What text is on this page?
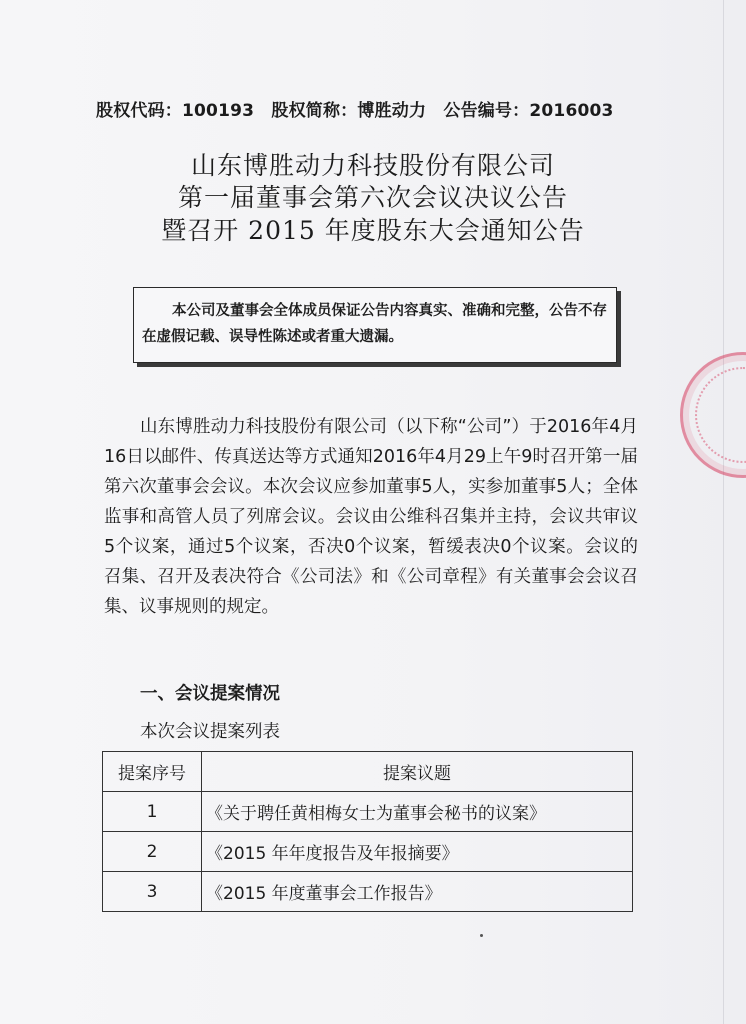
股权代码：100193　股权简称：博胜动力　公告编号：2016003
山东博胜动力科技股份有限公司
第一届董事会第六次会议决议公告
暨召开 2015 年度股东大会通知公告
本公司及董事会全体成员保证公告内容真实、准确和完整，公告不存在虚假记载、误导性陈述或者重大遗漏。
山东博胜动力科技股份有限公司（以下称“公司”）于2016年4月16日以邮件、传真送达等方式通知2016年4月29上午9时召开第一届第六次董事会会议。本次会议应参加董事5人，实参加董事5人；全体监事和高管人员了列席会议。会议由公维科召集并主持，会议共审议5个议案，通过5个议案，否决0个议案，暂缓表决0个议案。会议的召集、召开及表决符合《公司法》和《公司章程》有关董事会会议召集、议事规则的规定。
一、会议提案情况
本次会议提案列表
提案序号	提案议题
1	《关于聘任黄相梅女士为董事会秘书的议案》
2	《2015 年年度报告及年报摘要》
3	《2015 年度董事会工作报告》
